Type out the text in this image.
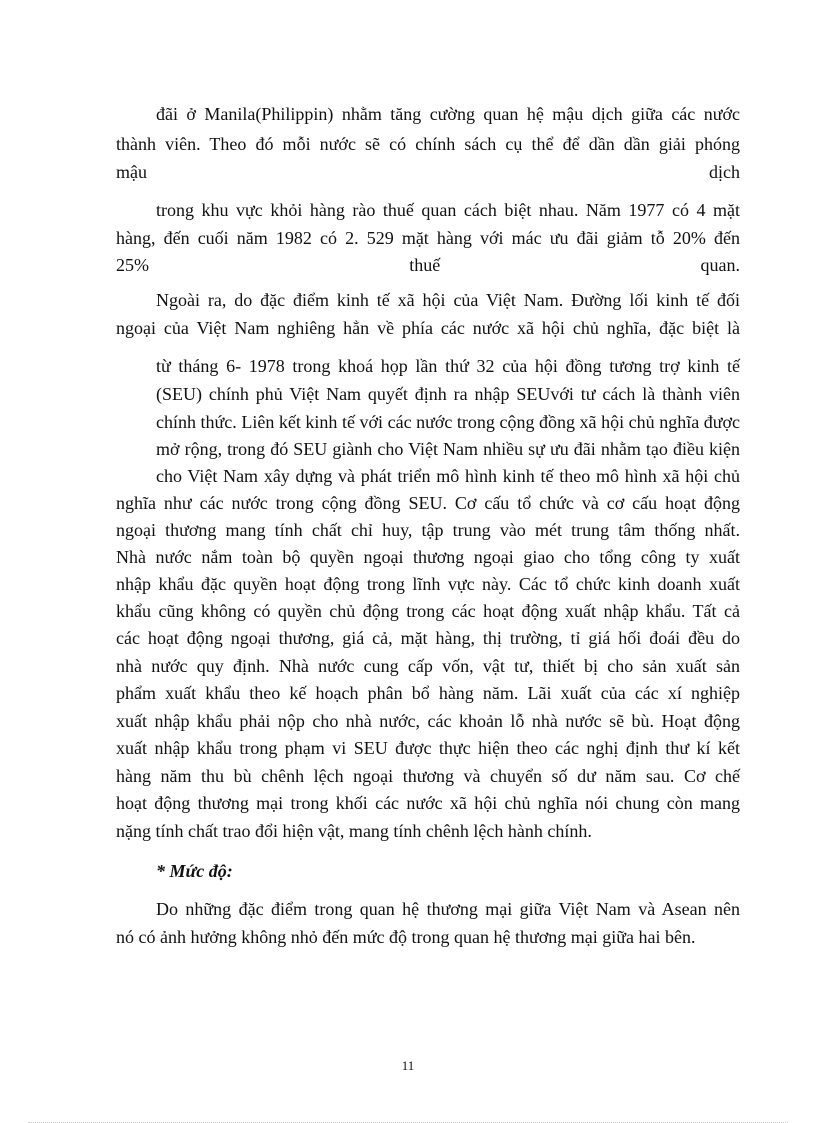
đãi ở Manila(Philippin) nhằm tăng cường quan hệ mậu dịch giữa các nước

thành viên. Theo đó mỗi nước sẽ có chính sách cụ thể để dần dần giải phóng

mậu	dịch

trong khu vực khỏi hàng rào thuế quan cách biệt nhau. Năm 1977 có 4 mặt

hàng, đến cuối năm 1982 có 2. 529 mặt hàng với mác ưu đãi giảm tỗ 20% đến

25%	thuế	quan.

Ngoài ra, do đặc điểm kinh tế xã hội của Việt Nam. Đường lối kinh tế đối

ngoại của Việt Nam nghiêng hẳn về phía các nước xã hội chủ nghĩa, đặc biệt là

từ tháng 6- 1978 trong khoá họp lần thứ 32 của hội đồng tương trợ kinh tế

(SEU) chính phủ Việt Nam quyết định ra nhập SEUvới tư cách là thành viên

chính thức. Liên kết kinh tế với các nước trong cộng đồng xã hội chủ nghĩa được

mở rộng, trong đó SEU giành cho Việt Nam nhiều sự ưu đãi nhằm tạo điều kiện

cho Việt Nam xây dựng và phát triển mô hình kinh tế theo mô hình xã hội chủ

nghĩa như các nước trong cộng đồng SEU. Cơ cấu tổ chức và cơ cấu hoạt động

ngoại thương mang tính chất chỉ huy, tập trung vào mét trung tâm thống nhất.

Nhà nước nắm toàn bộ quyền ngoại thương ngoại giao cho tổng công ty xuất

nhập khẩu đặc quyền hoạt động trong lĩnh vực này. Các tổ chức kinh doanh xuất

khẩu cũng không có quyền chủ động trong các hoạt động xuất nhập khẩu. Tất cả

các hoạt động ngoại thương, giá cả, mặt hàng, thị trường, tỉ giá hối đoái đều do

nhà nước quy định. Nhà nước cung cấp vốn, vật tư, thiết bị cho sản xuất sản

phẩm xuất khẩu theo kế hoạch phân bổ hàng năm. Lãi xuất của các xí nghiệp

xuất nhập khẩu phải nộp cho nhà nước, các khoản lỗ nhà nước sẽ bù. Hoạt động

xuất nhập khẩu trong phạm vi SEU được thực hiện theo các nghị định thư kí kết

hàng năm thu bù chênh lệch ngoại thương và chuyển số dư năm sau. Cơ chế

hoạt động thương mại trong khối các nước xã hội chủ nghĩa nói chung còn mang

nặng tính chất trao đổi hiện vật, mang tính chênh lệch hành chính.

* Mức độ:

Do những đặc điểm trong quan hệ thương mại giữa Việt Nam và Asean nên

nó có ảnh hưởng không nhỏ đến mức độ trong quan hệ thương mại giữa hai bên.

11
